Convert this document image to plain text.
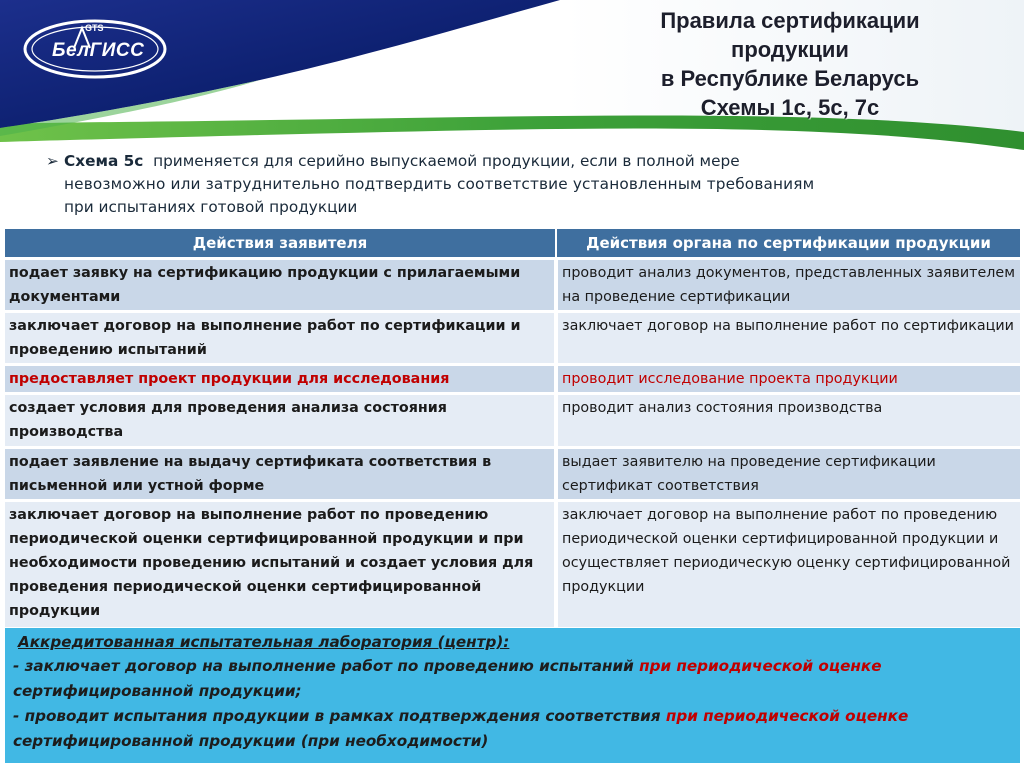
GTS
БелГИСС
Правила сертификации
продукции
в Республике Беларусь
Схемы 1с, 5с, 7с
➢ Схема 5с применяется для серийно выпускаемой продукции, если в полной мере
невозможно или затруднительно подтвердить соответствие установленным требованиям
при испытаниях готовой продукции
Действия заявителя	Действия органа по сертификации продукции
подает заявку на сертификацию продукции с прилагаемыми документами	проводит анализ документов, представленных заявителем на проведение сертификации
заключает договор на выполнение работ по сертификации и проведению испытаний	заключает договор на выполнение работ по сертификации
предоставляет проект продукции для исследования	проводит исследование проекта продукции
создает условия для проведения анализа состояния производства	проводит анализ состояния производства
подает заявление на выдачу сертификата соответствия в письменной или устной форме	выдает заявителю на проведение сертификации сертификат соответствия
заключает договор на выполнение работ по проведению периодической оценки сертифицированной продукции и при необходимости проведению испытаний и создает условия для проведения периодической оценки сертифицированной продукции	заключает договор на выполнение работ по проведению периодической оценки сертифицированной продукции и осуществляет периодическую оценку сертифицированной продукции
Аккредитованная испытательная лаборатория (центр):
- заключает договор на выполнение работ по проведению испытаний при периодической оценке
сертифицированной продукции;
- проводит испытания продукции в рамках подтверждения соответствия при периодической оценке
сертифицированной продукции (при необходимости)
